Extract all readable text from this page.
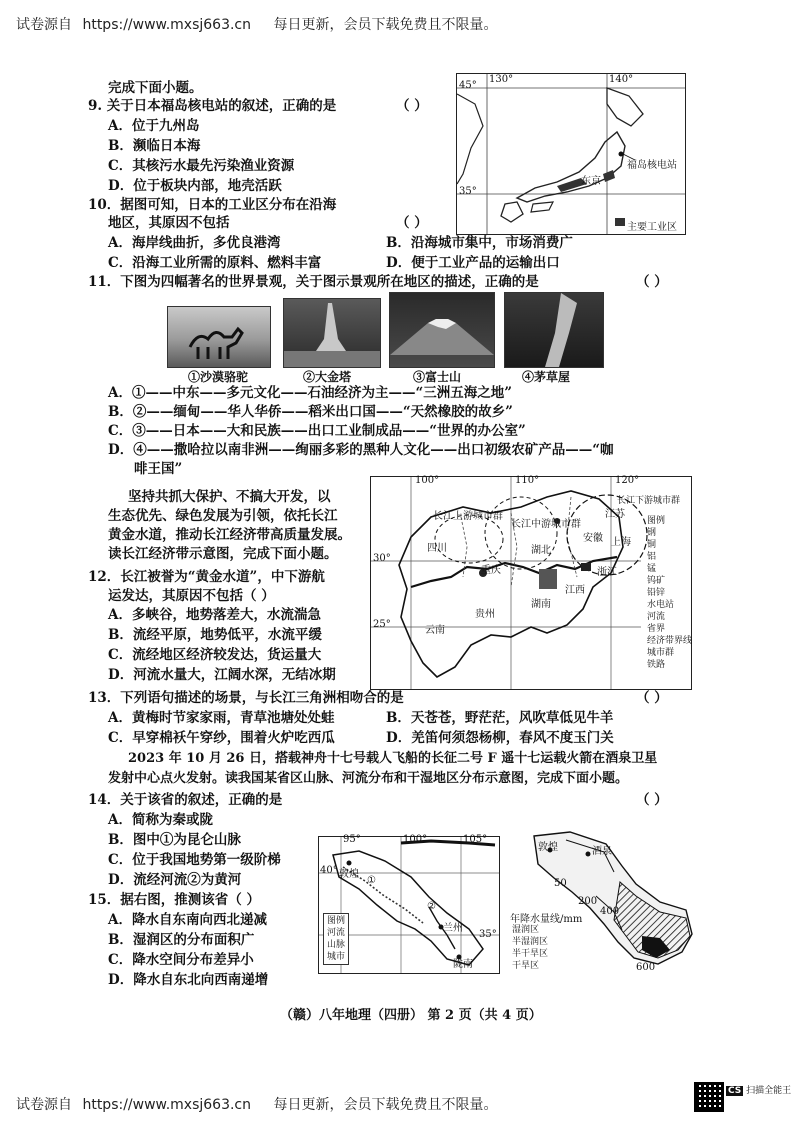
试卷源自 https://www.mxsj663.cn 每日更新，会员下载免费且不限量。
完成下面小题。
9. 关于日本福岛核电站的叙述，正确的是	（ ）
A．位于九州岛
B．濒临日本海
C．其核污水最先污染渔业资源
D．位于板块内部，地壳活跃
45°
35°
130°	140°
福岛核电站
东京
主要工业区
10．据图可知，日本的工业区分布在沿海
地区，其原因不包括	（ ）
A．海岸线曲折，多优良港湾	B．沿海城市集中，市场消费广
C．沿海工业所需的原料、燃料丰富	D．便于工业产品的运输出口
11．下图为四幅著名的世界景观，关于图示景观所在地区的描述，正确的是	（ ）
①沙漠骆驼	②大金塔	③富士山	④茅草屋
A．①——中东——多元文化——石油经济为主——“三洲五海之地”
B．②——缅甸——华人华侨——稻米出口国——“天然橡胶的故乡”
C．③——日本——大和民族——出口工业制成品——“世界的办公室”
D．④——撒哈拉以南非洲——绚丽多彩的黑种人文化——出口初级农矿产品——“咖
啡王国”
坚持共抓大保护、不搞大开发，以
生态优先、绿色发展为引领，依托长江
黄金水道，推动长江经济带高质量发展。
读长江经济带示意图，完成下面小题。
12．长江被誉为“黄金水道”，中下游航
运发达，其原因不包括（ ）
A．多峡谷，地势落差大，水流湍急
B．流经平原，地势低平，水流平缓
C．流经地区经济较发达，货运量大
D．河流水量大，江阔水深，无结冰期
100°	110°	120°
30°
25°
长江上游城市群
长江中游城市群
长江下游城市群
四川
重庆
贵州
云南
湖北
湖南
江西
安徽
江苏
上海
浙江
图例
钢
铜
铝
锰
钨矿
铅锌
水电站
河流
省界
经济带界线
城市群
铁路
13．下列语句描述的场景，与长江三角洲相吻合的是	（ ）
A．黄梅时节家家雨，青草池塘处处蛙	B．天苍苍，野茫茫，风吹草低见牛羊
C．早穿棉袄午穿纱，围着火炉吃西瓜	D．羌笛何须怨杨柳，春风不度玉门关
2023 年 10 月 26 日，搭载神舟十七号载人飞船的长征二号 F 遥十七运载火箭在酒泉卫星
发射中心点火发射。读我国某省区山脉、河流分布和干湿地区分布示意图，完成下面小题。
14．关于该省的叙述，正确的是	（ ）
A．简称为秦或陇
B．图中①为昆仑山脉
C．位于我国地势第一级阶梯
D．流经河流②为黄河
15．据右图，推测该省（ ）
A．降水自东南向西北递减
B．湿润区的分布面积广
C．降水空间分布差异小
D．降水自东北向西南递增
95°	100°	105°
40°
35°
敦煌
①
②
兰州
陇南
图例
河流
山脉
城市
敦煌	酒泉
50
200
400
600
年降水量线/mm
湿润区
半湿润区
半干旱区
干旱区
（赣）八年地理（四册） 第 2 页（共 4 页）
试卷源自 https://www.mxsj663.cn 每日更新，会员下载免费且不限量。
CS 扫描全能王
